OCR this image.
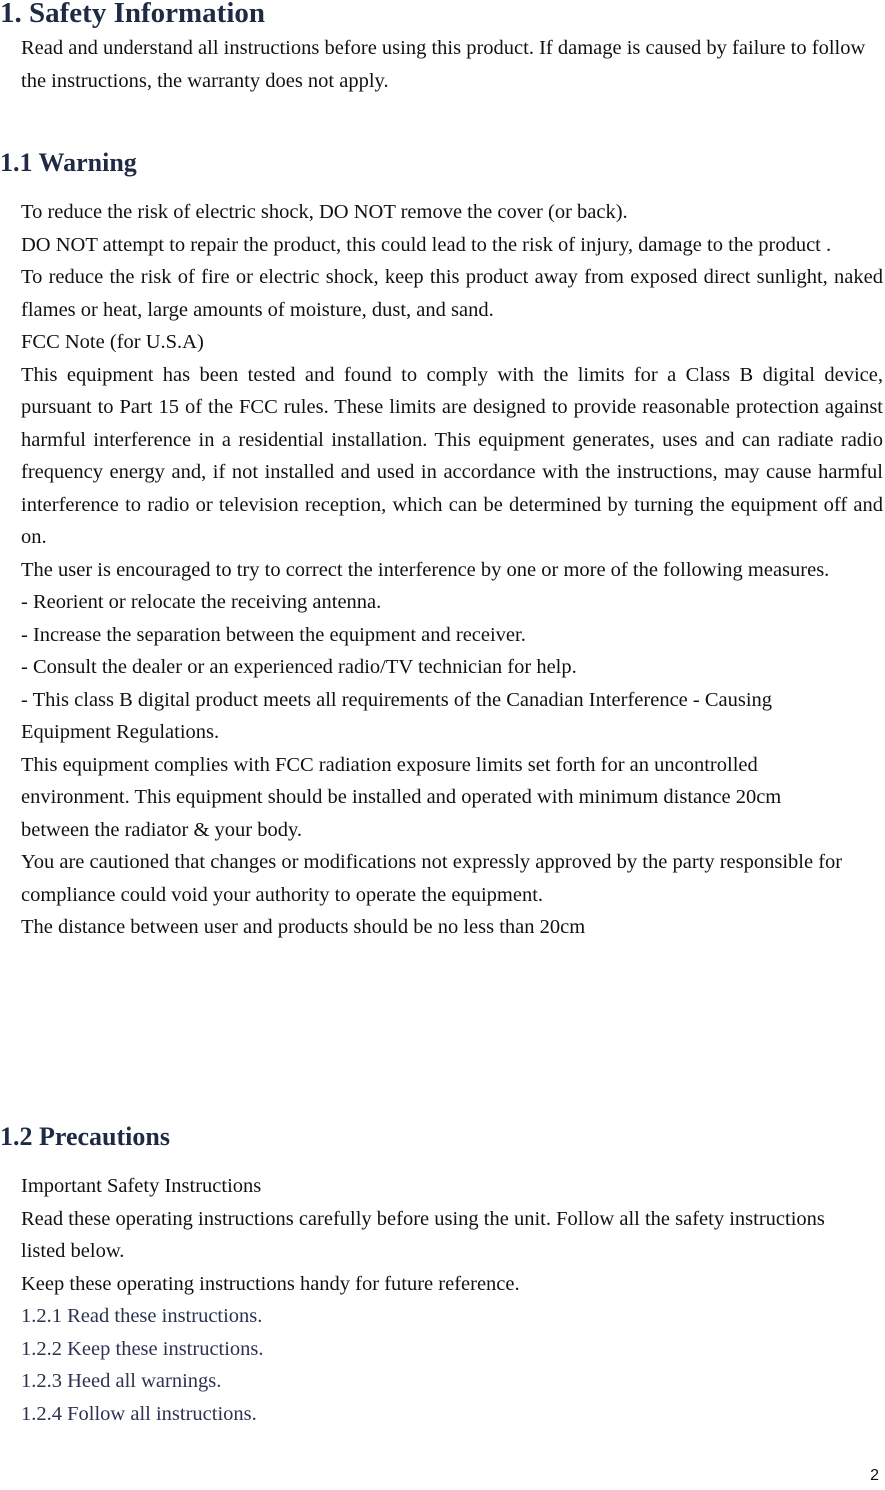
1. Safety Information

Read and understand all instructions before using this product. If damage is caused by failure to follow the instructions, the warranty does not apply.

1.1 Warning

To reduce the risk of electric shock, DO NOT remove the cover (or back).

DO NOT attempt to repair the product, this could lead to the risk of injury, damage to the product .

To reduce the risk of fire or electric shock, keep this product away from exposed direct sunlight, naked flames or heat, large amounts of moisture, dust, and sand.

FCC Note (for U.S.A)

This equipment has been tested and found to comply with the limits for a Class B digital device, pursuant to Part 15 of the FCC rules. These limits are designed to provide reasonable protection against harmful interference in a residential installation. This equipment generates, uses and can radiate radio frequency energy and, if not installed and used in accordance with the instructions, may cause harmful interference to radio or television reception, which can be determined by turning the equipment off and on.

The user is encouraged to try to correct the interference by one or more of the following measures.

- Reorient or relocate the receiving antenna.

- Increase the separation between the equipment and receiver.

- Consult the dealer or an experienced radio/TV technician for help.

- This class B digital product meets all requirements of the Canadian Interference - Causing Equipment Regulations.

This equipment complies with FCC radiation exposure limits set forth for an uncontrolled environment. This equipment should be installed and operated with minimum distance 20cm between the radiator & your body.

You are cautioned that changes or modifications not expressly approved by the party responsible for compliance could void your authority to operate the equipment.

The distance between user and products should be no less than 20cm

1.2 Precautions

Important Safety Instructions

Read these operating instructions carefully before using the unit. Follow all the safety instructions listed below.

Keep these operating instructions handy for future reference.

1.2.1 Read these instructions.

1.2.2 Keep these instructions.

1.2.3 Heed all warnings.

1.2.4 Follow all instructions.

2
